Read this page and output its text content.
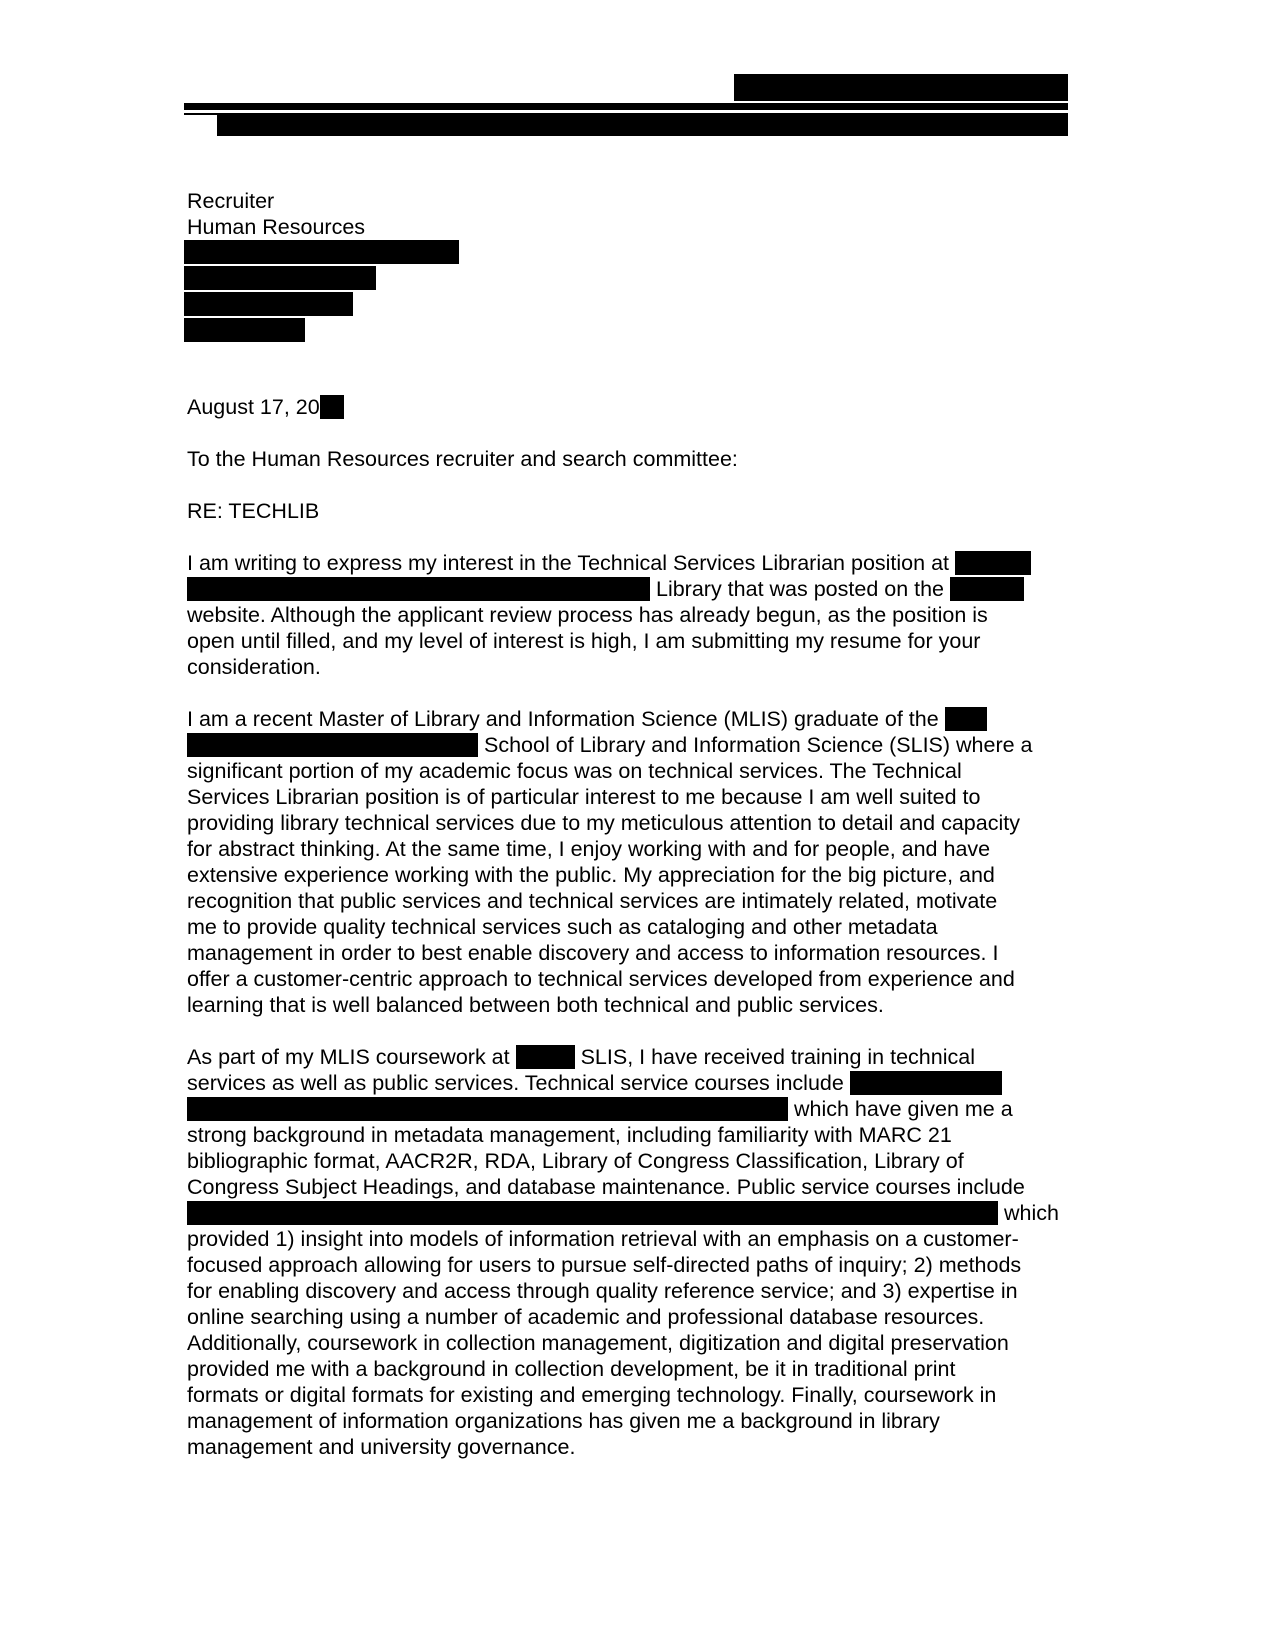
Recruiter
Human Resources
August 17, 20
To the Human Resources recruiter and search committee:
RE: TECHLIB
I am writing to express my interest in the Technical Services Librarian position at
Library that was posted on the
website. Although the applicant review process has already begun, as the position is
open until filled, and my level of interest is high, I am submitting my resume for your
consideration.
I am a recent Master of Library and Information Science (MLIS) graduate of the
School of Library and Information Science (SLIS) where a
significant portion of my academic focus was on technical services. The Technical
Services Librarian position is of particular interest to me because I am well suited to
providing library technical services due to my meticulous attention to detail and capacity
for abstract thinking. At the same time, I enjoy working with and for people, and have
extensive experience working with the public. My appreciation for the big picture, and
recognition that public services and technical services are intimately related, motivate
me to provide quality technical services such as cataloging and other metadata
management in order to best enable discovery and access to information resources. I
offer a customer-centric approach to technical services developed from experience and
learning that is well balanced between both technical and public services.
As part of my MLIS coursework at	SLIS, I have received training in technical
services as well as public services. Technical service courses include
which have given me a
strong background in metadata management, including familiarity with MARC 21
bibliographic format, AACR2R, RDA, Library of Congress Classification, Library of
Congress Subject Headings, and database maintenance. Public service courses include
which
provided 1) insight into models of information retrieval with an emphasis on a customer-
focused approach allowing for users to pursue self-directed paths of inquiry; 2) methods
for enabling discovery and access through quality reference service; and 3) expertise in
online searching using a number of academic and professional database resources.
Additionally, coursework in collection management, digitization and digital preservation
provided me with a background in collection development, be it in traditional print
formats or digital formats for existing and emerging technology. Finally, coursework in
management of information organizations has given me a background in library
management and university governance.
